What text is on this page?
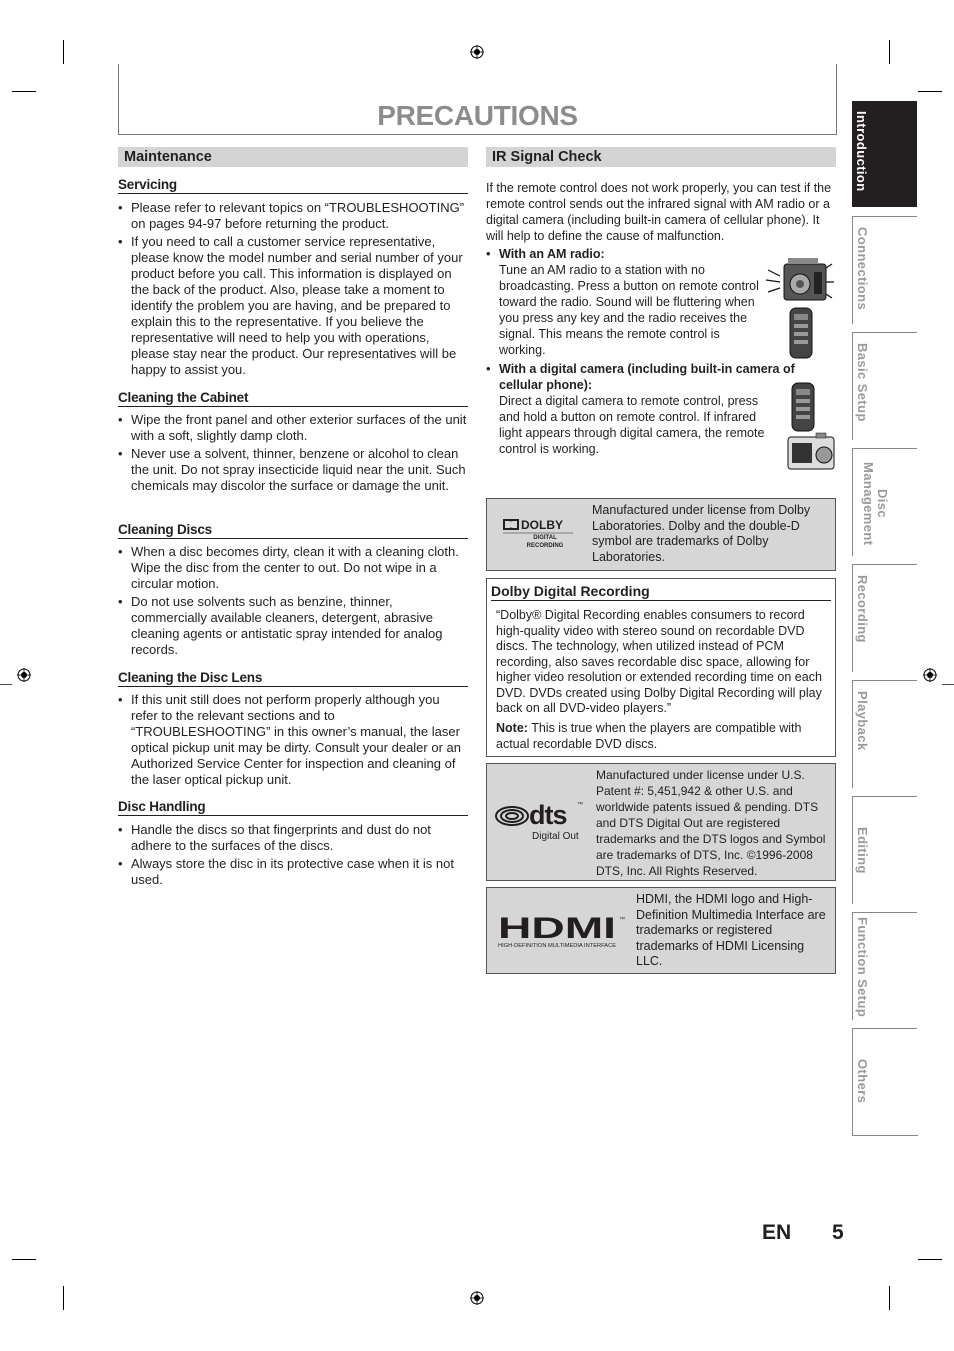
PRECAUTIONS	Introduction
Connections
Basic Setup
Disc Management
Recording
Playback
Editing
Function Setup
Others
Maintenance
Servicing
• Please refer to relevant topics on “TROUBLESHOOTING” on pages 94-97 before returning the product.
• If you need to call a customer service representative, please know the model number and serial number of your product before you call. This information is displayed on the back of the product. Also, please take a moment to identify the problem you are having, and be prepared to explain this to the representative. If you believe the representative will need to help you with operations, please stay near the product. Our representatives will be happy to assist you.
Cleaning the Cabinet
• Wipe the front panel and other exterior surfaces of the unit with a soft, slightly damp cloth.
• Never use a solvent, thinner, benzene or alcohol to clean the unit. Do not spray insecticide liquid near the unit. Such chemicals may discolor the surface or damage the unit.
Cleaning Discs
• When a disc becomes dirty, clean it with a cleaning cloth. Wipe the disc from the center to out. Do not wipe in a circular motion.
• Do not use solvents such as benzine, thinner, commercially available cleaners, detergent, abrasive cleaning agents or antistatic spray intended for analog records.
Cleaning the Disc Lens
• If this unit still does not perform properly although you refer to the relevant sections and to “TROUBLESHOOTING” in this owner’s manual, the laser optical pickup unit may be dirty. Consult your dealer or an Authorized Service Center for inspection and cleaning of the laser optical pickup unit.
Disc Handling
• Handle the discs so that fingerprints and dust do not adhere to the surfaces of the discs.
• Always store the disc in its protective case when it is not used.
IR Signal Check
If the remote control does not work properly, you can test if the remote control sends out the infrared signal with AM radio or a digital camera (including built-in camera of cellular phone). It will help to define the cause of malfunction.
• With an AM radio:
Tune an AM radio to a station with no broadcasting. Press a button on remote control toward the radio. Sound will be fluttering when you press any key and the radio receives the signal. This means the remote control is working.
• With a digital camera (including built-in camera of cellular phone):

Direct a digital camera to remote control, press and hold a button on remote control. If infrared light appears through digital camera, the remote control is working.
DOLBY
DIGITAL
RECORDING
Manufactured under license from Dolby Laboratories. Dolby and the double-D symbol are trademarks of Dolby Laboratories.
Dolby Digital Recording
“Dolby® Digital Recording enables consumers to record high-quality video with stereo sound on recordable DVD discs. The technology, when utilized instead of PCM recording, also saves recordable disc space, allowing for higher video resolution or extended recording time on each DVD. DVDs created using Dolby Digital Recording will play back on all DVD-video players.”
Note: This is true when the players are compatible with actual recordable DVD discs.
dts ™
Digital Out
Manufactured under license under U.S. Patent #: 5,451,942 & other U.S. and worldwide patents issued & pending. DTS and DTS Digital Out are registered trademarks and the DTS logos and Symbol are trademarks of DTS, Inc. ©1996-2008 DTS, Inc. All Rights Reserved.
HDMI ™
HIGH-DEFINITION MULTIMEDIA INTERFACE
HDMI, the HDMI logo and High-Definition Multimedia Interface are trademarks or registered trademarks of HDMI Licensing LLC.
EN 5
